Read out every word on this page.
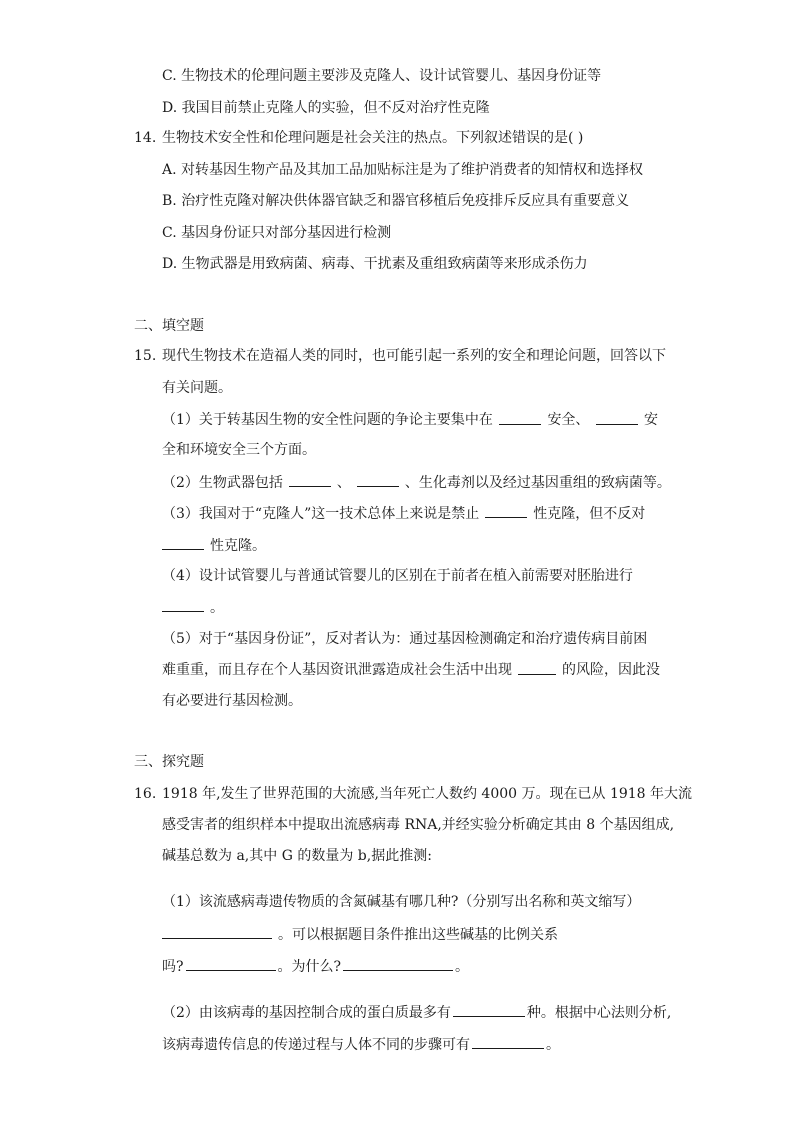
C. 生物技术的伦理问题主要涉及克隆人、设计试管婴儿、基因身份证等
D. 我国目前禁止克隆人的实验，但不反对治疗性克隆
14. 生物技术安全性和伦理问题是社会关注的热点。下列叙述错误的是( )
A. 对转基因生物产品及其加工品加贴标注是为了维护消费者的知情权和选择权
B. 治疗性克隆对解决供体器官缺乏和器官移植后免疫排斥反应具有重要意义
C. 基因身份证只对部分基因进行检测
D. 生物武器是用致病菌、病毒、干扰素及重组致病菌等来形成杀伤力
二、填空题
15. 现代生物技术在造福人类的同时，也可能引起一系列的安全和理论问题，回答以下
有关问题。
（1）关于转基因生物的安全性问题的争论主要集中在	安全、	安
全和环境安全三个方面。
（2）生物武器包括	、	、生化毒剂以及经过基因重组的致病菌等。
（3）我国对于“克隆人”这一技术总体上来说是禁止	性克隆，但不反对
性克隆。
（4）设计试管婴儿与普通试管婴儿的区别在于前者在植入前需要对胚胎进行
。
（5）对于“基因身份证”，反对者认为：通过基因检测确定和治疗遗传病目前困
难重重，而且存在个人基因资讯泄露造成社会生活中出现	的风险，因此没
有必要进行基因检测。
三、探究题
16. 1918 年,发生了世界范围的大流感,当年死亡人数约 4000 万。现在已从 1918 年大流
感受害者的组织样本中提取出流感病毒 RNA,并经实验分析确定其由 8 个基因组成,
碱基总数为 a,其中 G 的数量为 b,据此推测:
（1）该流感病毒遗传物质的含氮碱基有哪几种?（分别写出名称和英文缩写）
。可以根据题目条件推出这些碱基的比例关系
吗?	。为什么?	。
（2）由该病毒的基因控制合成的蛋白质最多有	种。根据中心法则分析,
该病毒遗传信息的传递过程与人体不同的步骤可有	。
